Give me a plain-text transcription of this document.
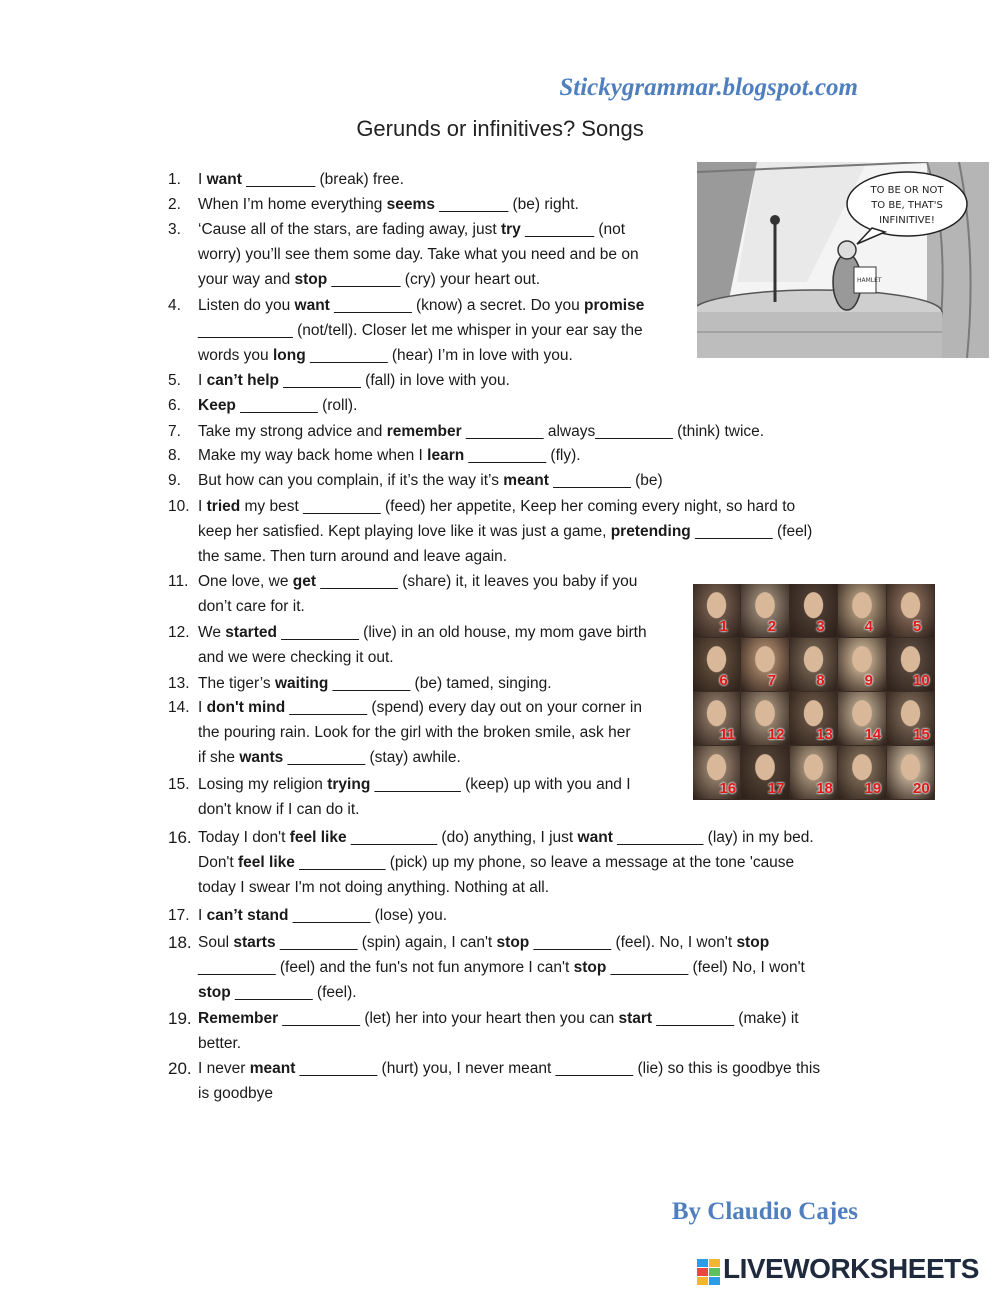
Stickygrammar.blogspot.com
Gerunds or infinitives? Songs
1. I want ________ (break) free.
2. When I’m home everything seems ________ (be) right.
3. ‘Cause all of the stars, are fading away, just try ________ (not
worry) you’ll see them some day. Take what you need and be on
your way and stop ________ (cry) your heart out.
4. Listen do you want _________ (know) a secret. Do you promise
___________ (not/tell). Closer let me whisper in your ear say the
words you long _________ (hear) I’m in love with you.
5. I can’t help _________ (fall) in love with you.
6. Keep _________ (roll).
7. Take my strong advice and remember _________ always_________ (think) twice.
8. Make my way back home when I learn _________ (fly).
9. But how can you complain, if it’s the way it’s meant _________ (be)
10. I tried my best _________ (feed) her appetite, Keep her coming every night, so hard to
keep her satisfied. Kept playing love like it was just a game, pretending _________ (feel)
the same. Then turn around and leave again.
11. One love, we get _________ (share) it, it leaves you baby if you
don’t care for it.
12. We started _________ (live) in an old house, my mom gave birth
and we were checking it out.
13. The tiger’s waiting _________ (be) tamed, singing.
14. I don't mind _________ (spend) every day out on your corner in
the pouring rain. Look for the girl with the broken smile, ask her
if she wants _________ (stay) awhile.
15. Losing my religion trying __________ (keep) up with you and I
don't know if I can do it.
16. Today I don't feel like __________ (do) anything, I just want __________ (lay) in my bed.
Don't feel like __________ (pick) up my phone, so leave a message at the tone 'cause
today I swear I'm not doing anything. Nothing at all.
17. I can’t stand _________ (lose) you.
18. Soul starts _________ (spin) again, I can't stop _________ (feel). No, I won't stop
_________ (feel) and the fun's not fun anymore I can't stop _________ (feel) No, I won't
stop _________ (feel).
19. Remember _________ (let) her into your heart then you can start _________ (make) it
better.
20. I never meant _________ (hurt) you, I never meant _________ (lie) so this is goodbye this
is goodbye
HAMLET
TO BE OR NOT
TO BE, THAT'S
INFINITIVE!
1	2	3	4	5
6	7	8	9	10
11 12 13 14 15
16 17 18 19 20
By Claudio Cajes
LIVEWORKSHEETS
